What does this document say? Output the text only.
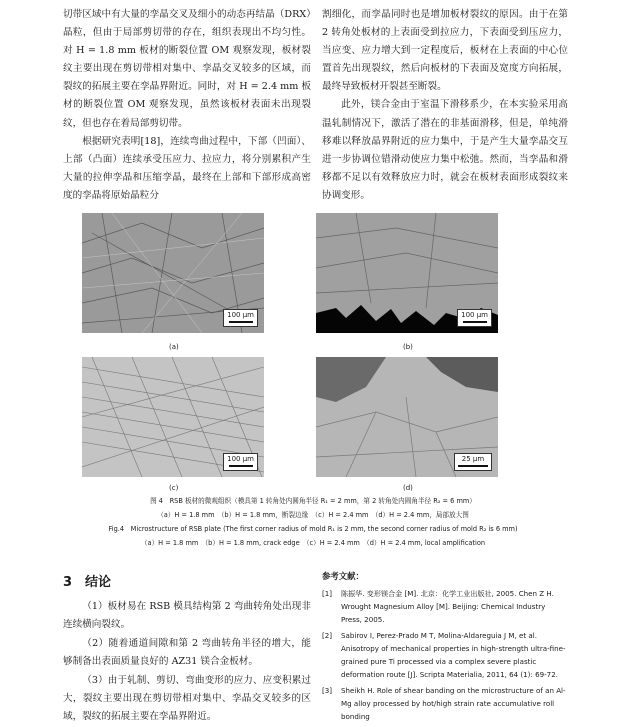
切带区域中有大量的孪晶交叉及细小的动态再结晶（DRX）晶粒，但由于局部剪切带的存在，组织表现出不均匀性。对 H = 1.8 mm 板材的断裂位置 OM 观察发现，板材裂纹主要出现在剪切带相对集中、孪晶交叉较多的区域，而裂纹的拓展主要在孪晶界附近。同时，对 H = 2.4 mm 板材的断裂位置 OM 观察发现，虽然该板材表面未出现裂纹，但也存在着局部剪切带。

根据研究表明[18]，连续弯曲过程中，下部（凹面）、上部（凸面）连续承受压应力、拉应力，将分别累积产生大量的拉伸孪晶和压缩孪晶，最终在上部和下部形成高密度的孪晶将原始晶粒分

割细化，而孪晶同时也是增加板材裂纹的原因。由于在第 2 转角处板材的上表面受到拉应力，下表面受到压应力，当应变、应力增大到一定程度后，板材在上表面的中心位置首先出现裂纹，然后向板材的下表面及宽度方向拓展，最终导致板材开裂甚至断裂。

此外，镁合金由于室温下滑移系少，在本实验采用高温轧制情况下，激活了潜在的非基面滑移，但是，单纯滑移难以释放晶界附近的应力集中，于是产生大量孪晶交互进一步协调位错滑动使应力集中松弛。然而，当孪晶和滑移都不足以有效释放应力时，就会在板材表面形成裂纹来协调变形。

100 μm	100 μm
(a)	(b)
100 μm	25 μm
(c)	(d)
图 4　RSB 板材的微观组织（模具第 1 转角处内圆角半径 R₁ = 2 mm，第 2 转角处内圆角半径 R₂ = 6 mm）
（a）H = 1.8 mm　（b）H = 1.8 mm，断裂边缘　（c）H = 2.4 mm　（d）H = 2.4 mm，局部放大图
Fig.4　Microstructure of RSB plate (The first corner radius of mold R₁ is 2 mm, the second corner radius of mold R₂ is 6 mm)
（a）H = 1.8 mm　（b）H = 1.8 mm, crack edge　（c）H = 2.4 mm　（d）H = 2.4 mm, local amplification
3　结论

（1）板材易在 RSB 模具结构第 2 弯曲转角处出现非连续横向裂纹。

（2）随着通道间隙和第 2 弯曲转角半径的增大，能够制备出表面质量良好的 AZ31 镁合金板材。

（3）由于轧制、剪切、弯曲变形的应力、应变积累过大，裂纹主要出现在剪切带相对集中、孪晶交叉较多的区域，裂纹的拓展主要在孪晶界附近。

参考文献：
[1] 陈振华. 变形镁合金 [M]. 北京：化学工业出版社, 2005. Chen Z H. Wrought Magnesium Alloy [M]. Beijing: Chemical Industry Press, 2005.
[2] Sabirov I, Perez-Prado M T, Molina-Aldareguia J M, et al. Anisotropy of mechanical properties in high-strength ultra-fine-grained pure Ti processed via a complex severe plastic deformation route [J]. Scripta Materialia, 2011, 64 (1): 69-72.
[3] Sheikh H. Role of shear banding on the microstructure of an Al-Mg alloy processed by hot/high strain rate accumulative roll bonding
